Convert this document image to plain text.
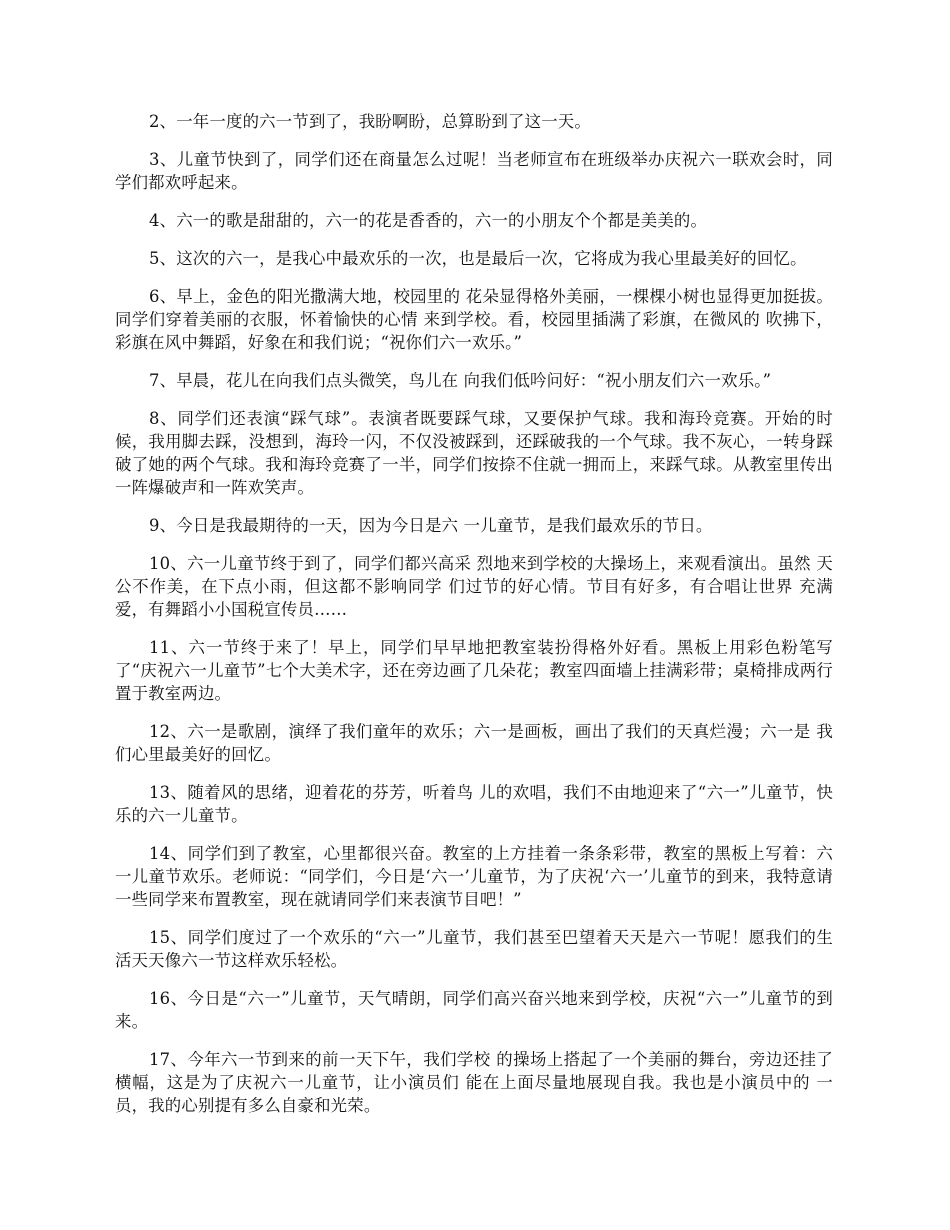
2、一年一度的六一节到了，我盼啊盼，总算盼到了这一天。

3、儿童节快到了，同学们还在商量怎么过呢！当老师宣布在班级举办庆祝六一联欢会时，同学们都欢呼起来。

4、六一的歌是甜甜的，六一的花是香香的，六一的小朋友个个都是美美的。

5、这次的六一，是我心中最欢乐的一次，也是最后一次，它将成为我心里最美好的回忆。

6、早上，金色的阳光撒满大地，校园里的 花朵显得格外美丽，一棵棵小树也显得更加挺拔。同学们穿着美丽的衣服，怀着愉快的心情 来到学校。看，校园里插满了彩旗，在微风的 吹拂下，彩旗在风中舞蹈，好象在和我们说；“祝你们六一欢乐。”

7、早晨，花儿在向我们点头微笑，鸟儿在 向我们低吟问好：“祝小朋友们六一欢乐。”

8、同学们还表演“踩气球”。表演者既要踩气球，又要保护气球。我和海玲竞赛。开始的时候，我用脚去踩，没想到，海玲一闪，不仅没被踩到，还踩破我的一个气球。我不灰心，一转身踩破了她的两个气球。我和海玲竞赛了一半，同学们按捺不住就一拥而上，来踩气球。从教室里传出一阵爆破声和一阵欢笑声。

9、今日是我最期待的一天，因为今日是六 一儿童节，是我们最欢乐的节日。

10、六一儿童节终于到了，同学们都兴高采 烈地来到学校的大操场上，来观看演出。虽然 天公不作美，在下点小雨，但这都不影响同学 们过节的好心情。节目有好多，有合唱让世界 充满爱，有舞蹈小小国税宣传员……

11、六一节终于来了！早上，同学们早早地把教室装扮得格外好看。黑板上用彩色粉笔写了“庆祝六一儿童节”七个大美术字，还在旁边画了几朵花；教室四面墙上挂满彩带；桌椅排成两行置于教室两边。

12、六一是歌剧，演绎了我们童年的欢乐；六一是画板，画出了我们的天真烂漫；六一是 我们心里最美好的回忆。

13、随着风的思绪，迎着花的芬芳，听着鸟 儿的欢唱，我们不由地迎来了“六一”儿童节，快乐的六一儿童节。

14、同学们到了教室，心里都很兴奋。教室的上方挂着一条条彩带，教室的黑板上写着：六一儿童节欢乐。老师说：“同学们，今日是‘六一’儿童节，为了庆祝‘六一’儿童节的到来，我特意请一些同学来布置教室，现在就请同学们来表演节目吧！”

15、同学们度过了一个欢乐的“六一”儿童节，我们甚至巴望着天天是六一节呢！愿我们的生活天天像六一节这样欢乐轻松。

16、今日是“六一”儿童节，天气晴朗，同学们高兴奋兴地来到学校，庆祝“六一”儿童节的到来。

17、今年六一节到来的前一天下午，我们学校 的操场上搭起了一个美丽的舞台，旁边还挂了 横幅，这是为了庆祝六一儿童节，让小演员们 能在上面尽量地展现自我。我也是小演员中的 一员，我的心别提有多么自豪和光荣。
